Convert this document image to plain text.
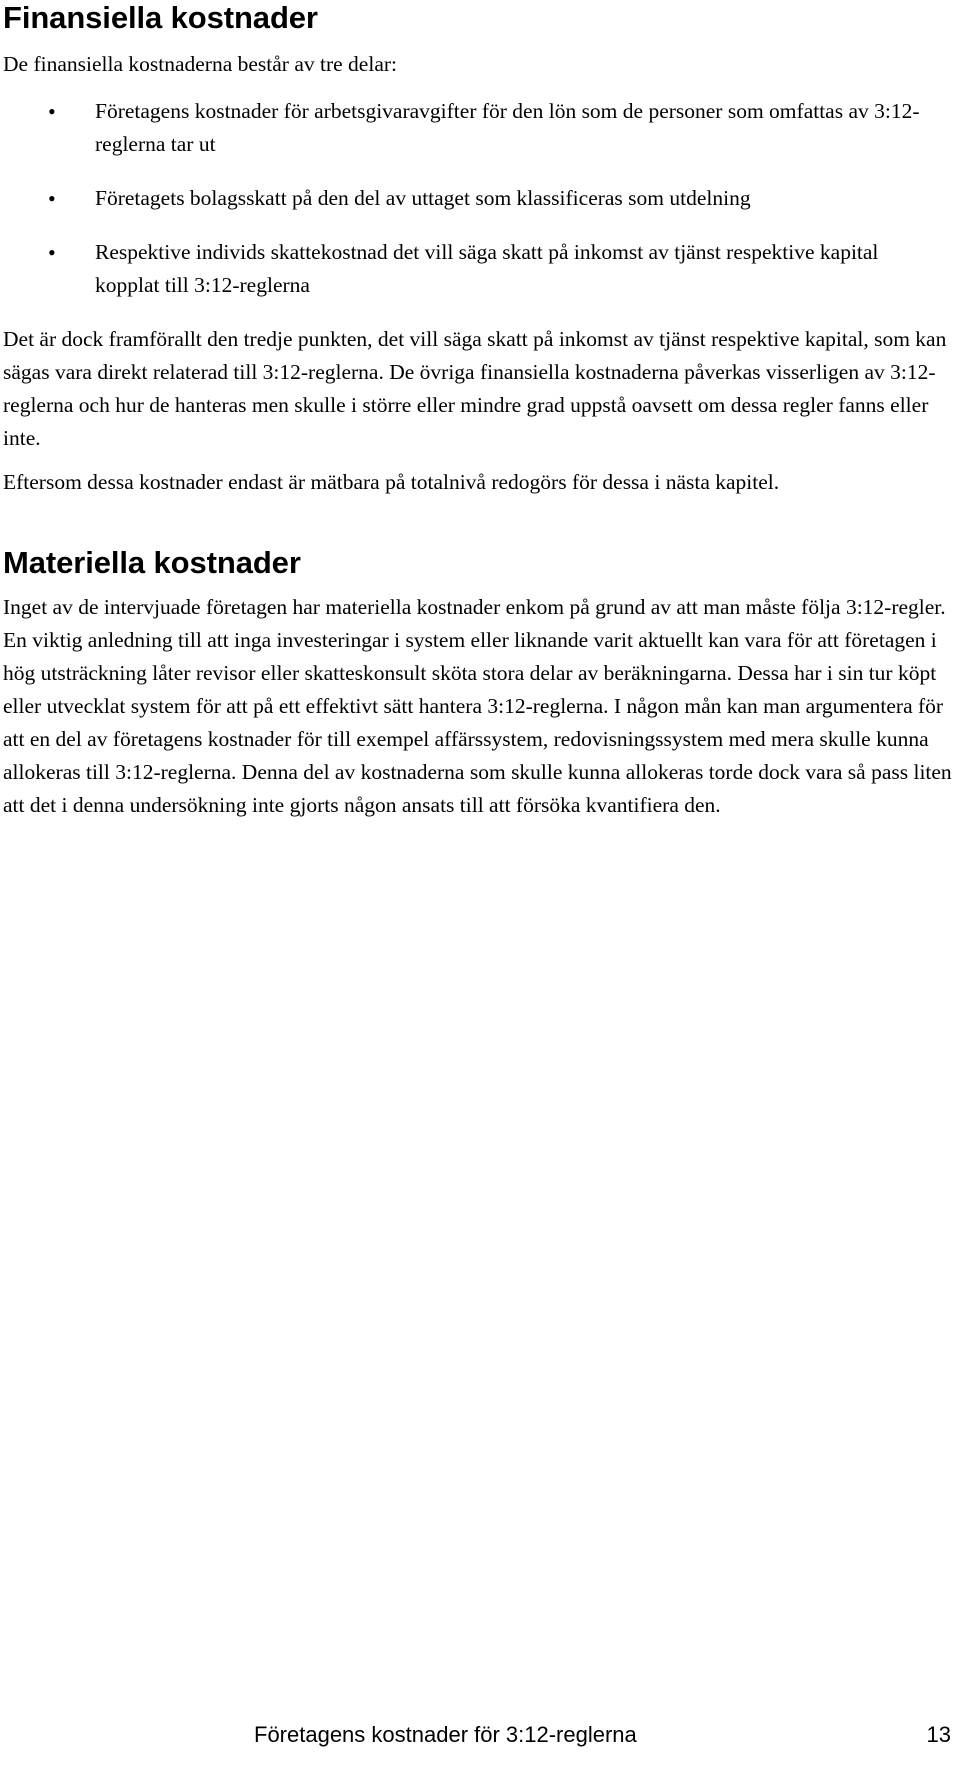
Finansiella kostnader

De finansiella kostnaderna består av tre delar:

• Företagens kostnader för arbetsgivaravgifter för den lön som de personer som omfattas av 3:12-reglerna tar ut
• Företagets bolagsskatt på den del av uttaget som klassificeras som utdelning
• Respektive individs skattekostnad det vill säga skatt på inkomst av tjänst respektive kapital kopplat till 3:12-reglerna

Det är dock framförallt den tredje punkten, det vill säga skatt på inkomst av tjänst respektive kapital, som kan sägas vara direkt relaterad till 3:12-reglerna. De övriga finansiella kostnaderna påverkas visserligen av 3:12-reglerna och hur de hanteras men skulle i större eller mindre grad uppstå oavsett om dessa regler fanns eller inte.

Eftersom dessa kostnader endast är mätbara på totalnivå redogörs för dessa i nästa kapitel.

Materiella kostnader

Inget av de intervjuade företagen har materiella kostnader enkom på grund av att man måste följa 3:12-regler. En viktig anledning till att inga investeringar i system eller liknande varit aktuellt kan vara för att företagen i hög utsträckning låter revisor eller skatteskonsult sköta stora delar av beräkningarna. Dessa har i sin tur köpt eller utvecklat system för att på ett effektivt sätt hantera 3:12-reglerna. I någon mån kan man argumentera för att en del av företagens kostnader för till exempel affärssystem, redovisningssystem med mera skulle kunna allokeras till 3:12-reglerna. Denna del av kostnaderna som skulle kunna allokeras torde dock vara så pass liten att det i denna undersökning inte gjorts någon ansats till att försöka kvantifiera den.

Företagens kostnader för 3:12-reglerna	13
